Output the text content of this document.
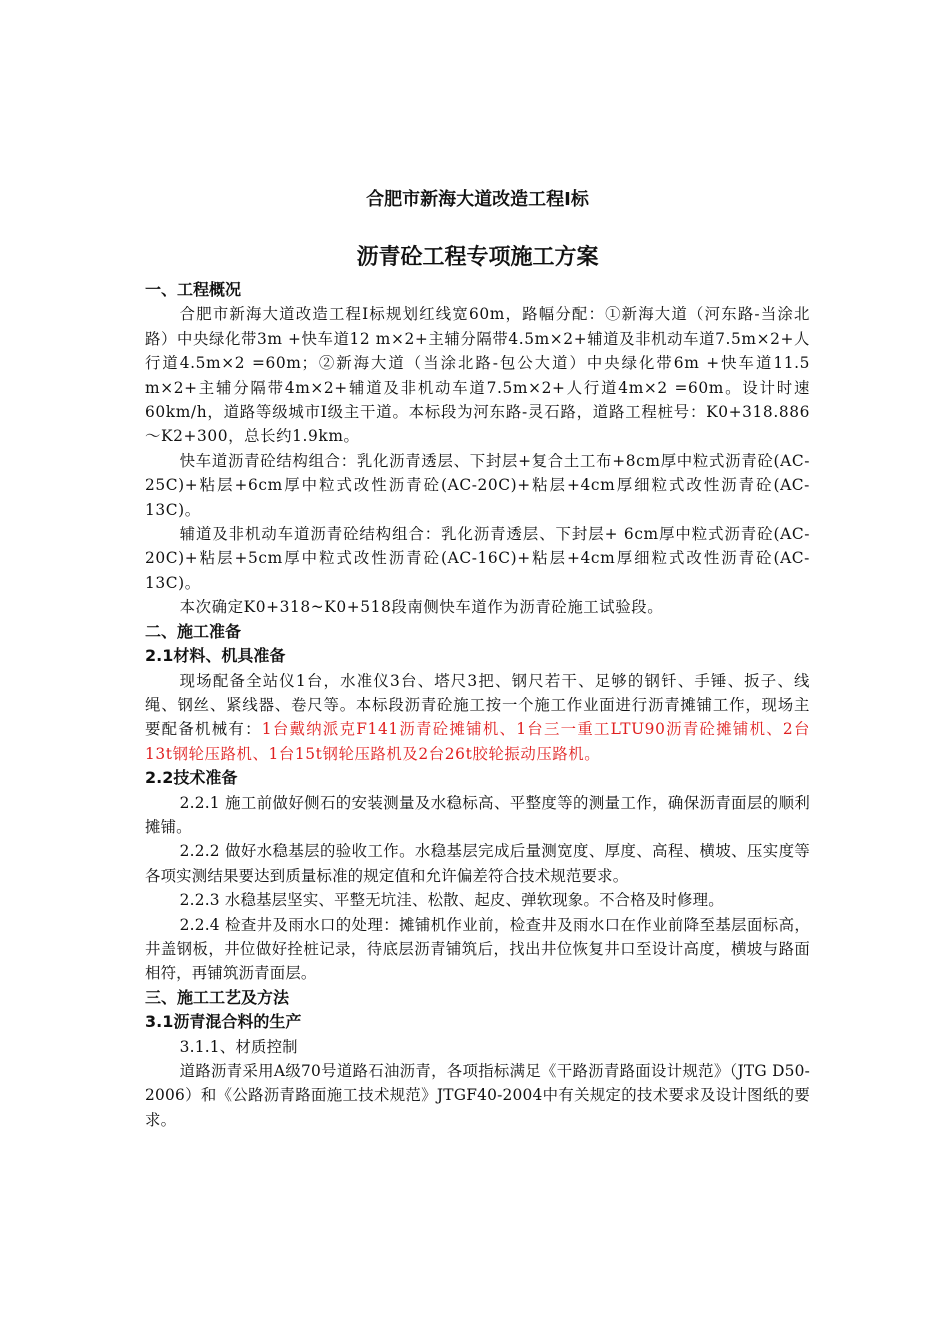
合肥市新海大道改造工程Ⅰ标
沥青砼工程专项施工方案
一、工程概况

合肥市新海大道改造工程Ⅰ标规划红线宽60m，路幅分配：①新海大道（河东路-当涂北路）中央绿化带3m +快车道12 m×2+主辅分隔带4.5m×2+辅道及非机动车道7.5m×2+人行道4.5m×2 =60m；②新海大道（当涂北路-包公大道）中央绿化带6m +快车道11.5 m×2+主辅分隔带4m×2+辅道及非机动车道7.5m×2+人行道4m×2 =60m。设计时速60km/h，道路等级城市Ⅰ级主干道。本标段为河东路-灵石路，道路工程桩号：K0+318.886～K2+300，总长约1.9km。

快车道沥青砼结构组合：乳化沥青透层、下封层+复合土工布+8cm厚中粒式沥青砼(AC-25C)+粘层+6cm厚中粒式改性沥青砼(AC-20C)+粘层+4cm厚细粒式改性沥青砼(AC-13C)。

辅道及非机动车道沥青砼结构组合：乳化沥青透层、下封层+ 6cm厚中粒式沥青砼(AC-20C)+粘层+5cm厚中粒式改性沥青砼(AC-16C)+粘层+4cm厚细粒式改性沥青砼(AC-13C)。

本次确定K0+318~K0+518段南侧快车道作为沥青砼施工试验段。

二、施工准备
2.1材料、机具准备

现场配备全站仪1台，水准仪3台、塔尺3把、钢尺若干、足够的钢钎、手锤、扳子、线绳、钢丝、紧线器、卷尺等。本标段沥青砼施工按一个施工作业面进行沥青摊铺工作，现场主要配备机械有：1台戴纳派克F141沥青砼摊铺机、1台三一重工LTU90沥青砼摊铺机、2台13t钢轮压路机、1台15t钢轮压路机及2台26t胶轮振动压路机。

2.2技术准备

2.2.1 施工前做好侧石的安装测量及水稳标高、平整度等的测量工作，确保沥青面层的顺利摊铺。

2.2.2 做好水稳基层的验收工作。水稳基层完成后量测宽度、厚度、高程、横坡、压实度等各项实测结果要达到质量标准的规定值和允许偏差符合技术规范要求。

2.2.3 水稳基层坚实、平整无坑洼、松散、起皮、弹软现象。不合格及时修理。

2.2.4 检查井及雨水口的处理：摊铺机作业前，检查井及雨水口在作业前降至基层面标高，井盖钢板，井位做好拴桩记录，待底层沥青铺筑后，找出井位恢复井口至设计高度，横坡与路面相符，再铺筑沥青面层。

三、施工工艺及方法
3.1沥青混合料的生产

3.1.1、材质控制

道路沥青采用A级70号道路石油沥青，各项指标满足《干路沥青路面设计规范》（JTG D50-2006）和《公路沥青路面施工技术规范》JTGF40-2004中有关规定的技术要求及设计图纸的要求。
